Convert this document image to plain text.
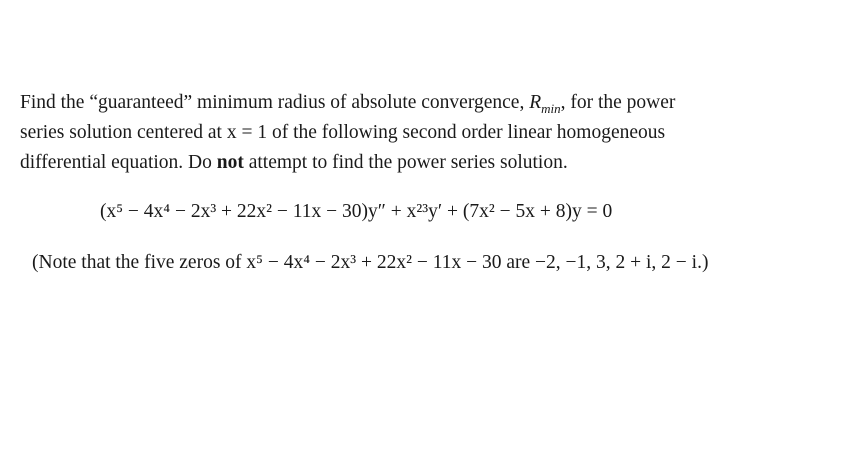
Find the “guaranteed” minimum radius of absolute convergence, $R_{min}$, for the power
series solution centered at x = 1 of the following second order linear homogeneous
differential equation. Do not attempt to find the power series solution.
(x⁵ − 4x⁴ − 2x³ + 22x² − 11x − 30)y″ + x²³y′ + (7x² − 5x + 8)y = 0
(Note that the five zeros of x⁵ − 4x⁴ − 2x³ + 22x² − 11x − 30 are −2, −1, 3, 2 + i, 2 − i.)
